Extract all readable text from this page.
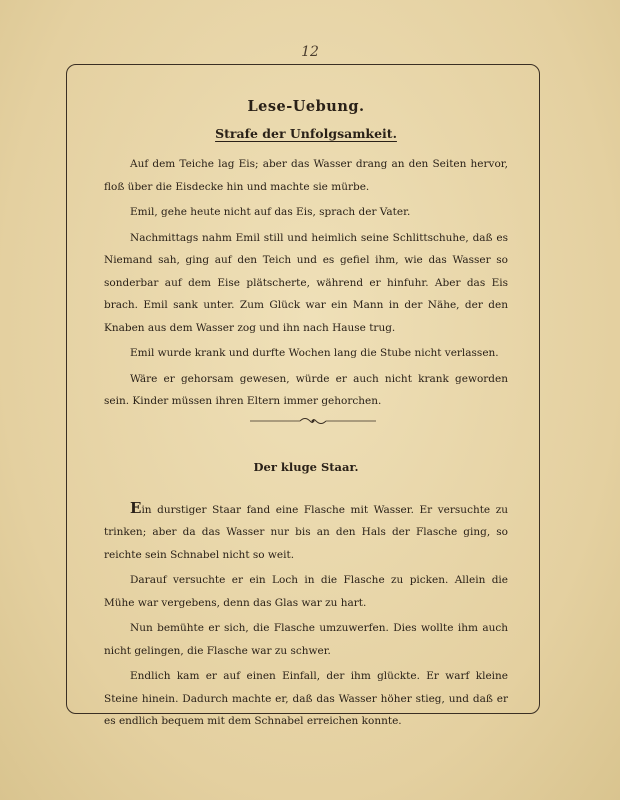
12
Lese-Uebung.
Strafe der Unfolgsamkeit.

Auf dem Teiche lag Eis; aber das Wasser drang an den Seiten hervor, floß über die Eisdecke hin und machte sie mürbe.

Emil, gehe heute nicht auf das Eis, sprach der Vater.

Nachmittags nahm Emil still und heimlich seine Schlittschuhe, daß es Niemand sah, ging auf den Teich und es gefiel ihm, wie das Wasser so sonderbar auf dem Eise plätscherte, während er hinfuhr. Aber das Eis brach. Emil sank unter. Zum Glück war ein Mann in der Nähe, der den Knaben aus dem Wasser zog und ihn nach Hause trug.

Emil wurde krank und durfte Wochen lang die Stube nicht verlassen.

Wäre er gehorsam gewesen, würde er auch nicht krank geworden sein. Kinder müssen ihren Eltern immer gehorchen.

Der kluge Staar.

Ein durstiger Staar fand eine Flasche mit Wasser. Er versuchte zu trinken; aber da das Wasser nur bis an den Hals der Flasche ging, so reichte sein Schnabel nicht so weit.

Darauf versuchte er ein Loch in die Flasche zu picken. Allein die Mühe war vergebens, denn das Glas war zu hart.

Nun bemühte er sich, die Flasche umzuwerfen. Dies wollte ihm auch nicht gelingen, die Flasche war zu schwer.

Endlich kam er auf einen Einfall, der ihm glückte. Er warf kleine Steine hinein. Dadurch machte er, daß das Wasser höher stieg, und daß er es endlich bequem mit dem Schnabel erreichen konnte.
